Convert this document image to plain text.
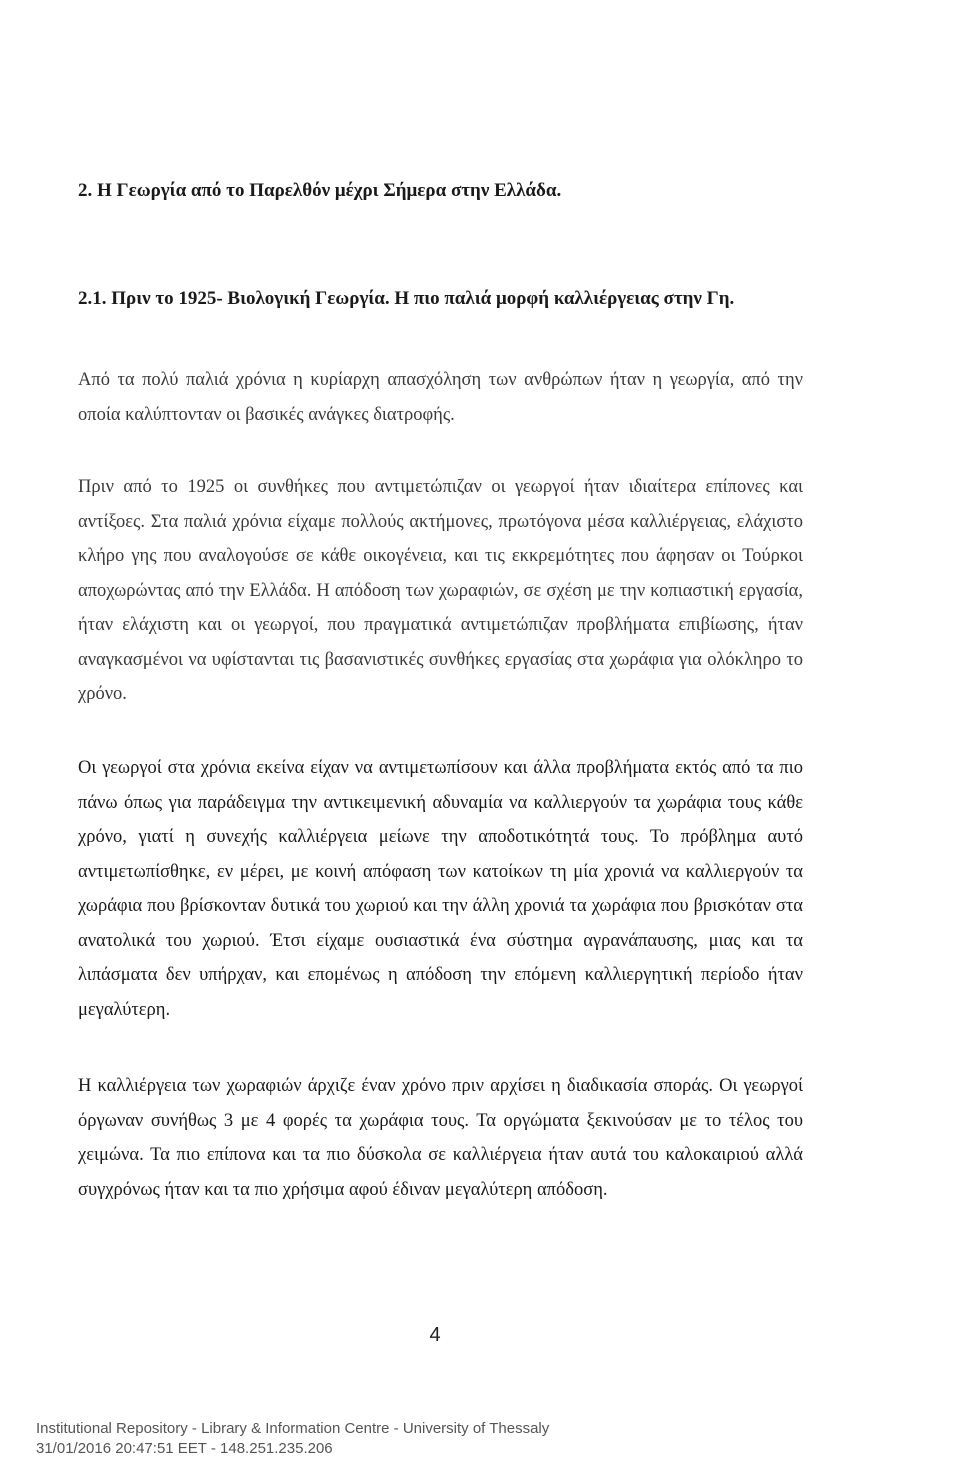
2. Η Γεωργία από το Παρελθόν μέχρι Σήμερα στην Ελλάδα.
2.1. Πριν το 1925- Βιολογική Γεωργία. Η πιο παλιά μορφή καλλιέργειας στην Γη.

Από τα πολύ παλιά χρόνια η κυρίαρχη απασχόληση των ανθρώπων ήταν η γεωργία, από την οποία καλύπτονταν οι βασικές ανάγκες διατροφής.

Πριν από το 1925 οι συνθήκες που αντιμετώπιζαν οι γεωργοί ήταν ιδιαίτερα επίπονες και αντίξοες. Στα παλιά χρόνια είχαμε πολλούς ακτήμονες, πρωτόγονα μέσα καλλιέργειας, ελάχιστο κλήρο γης που αναλογούσε σε κάθε οικογένεια, και τις εκκρεμότητες που άφησαν οι Τούρκοι αποχωρώντας από την Ελλάδα. Η απόδοση των χωραφιών, σε σχέση με την κοπιαστική εργασία, ήταν ελάχιστη και οι γεωργοί, που πραγματικά αντιμετώπιζαν προβλήματα επιβίωσης, ήταν αναγκασμένοι να υφίστανται τις βασανιστικές συνθήκες εργασίας στα χωράφια για ολόκληρο το χρόνο.

Οι γεωργοί στα χρόνια εκείνα είχαν να αντιμετωπίσουν και άλλα προβλήματα εκτός από τα πιο πάνω όπως για παράδειγμα την αντικειμενική αδυναμία να καλλιεργούν τα χωράφια τους κάθε χρόνο, γιατί η συνεχής καλλιέργεια μείωνε την αποδοτικότητά τους. Το πρόβλημα αυτό αντιμετωπίσθηκε, εν μέρει, με κοινή απόφαση των κατοίκων τη μία χρονιά να καλλιεργούν τα χωράφια που βρίσκονταν δυτικά του χωριού και την άλλη χρονιά τα χωράφια που βρισκόταν στα ανατολικά του χωριού. Έτσι είχαμε ουσιαστικά ένα σύστημα αγρανάπαυσης, μιας και τα λιπάσματα δεν υπήρχαν, και επομένως η απόδοση την επόμενη καλλιεργητική περίοδο ήταν μεγαλύτερη.

Η καλλιέργεια των χωραφιών άρχιζε έναν χρόνο πριν αρχίσει η διαδικασία σποράς. Οι γεωργοί όργωναν συνήθως 3 με 4 φορές τα χωράφια τους. Τα οργώματα ξεκινούσαν με το τέλος του χειμώνα. Τα πιο επίπονα και τα πιο δύσκολα σε καλλιέργεια ήταν αυτά του καλοκαιριού αλλά συγχρόνως ήταν και τα πιο χρήσιμα αφού έδιναν μεγαλύτερη απόδοση.

4

Institutional Repository - Library & Information Centre - University of Thessaly

31/01/2016 20:47:51 EET - 148.251.235.206
